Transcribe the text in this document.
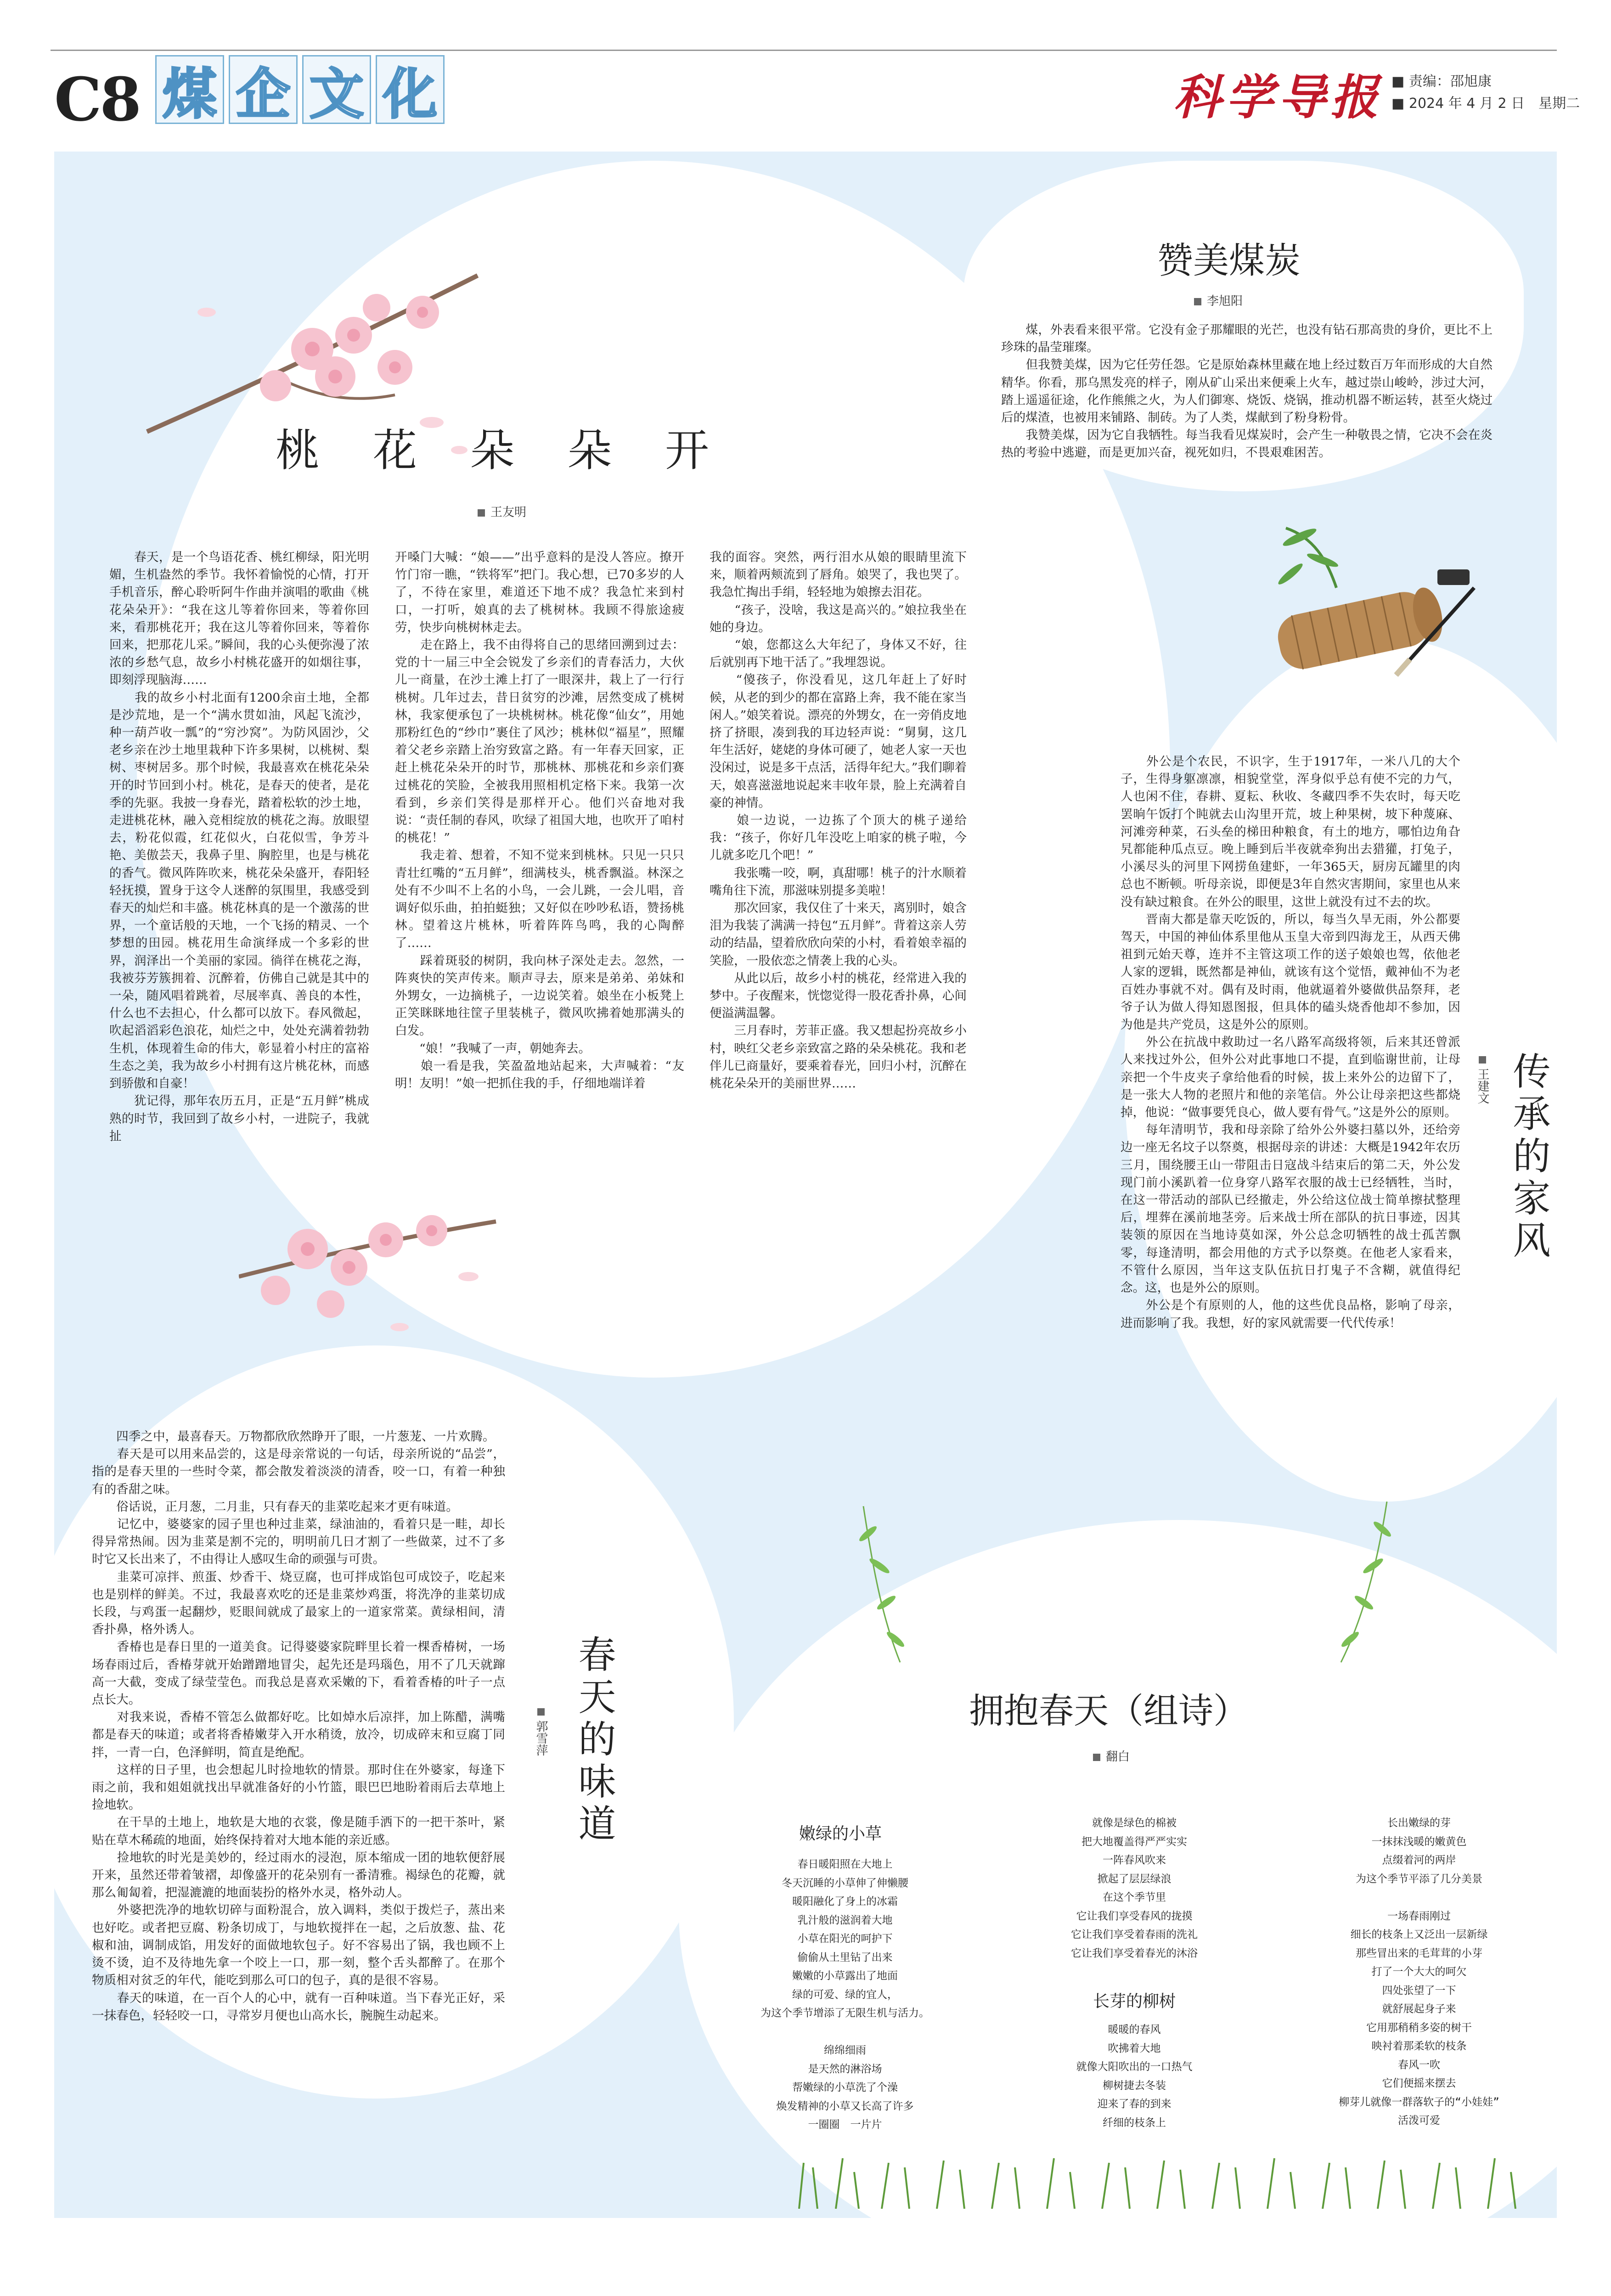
C8 煤 企 文 化	科学导报 ■ 责编：邵旭康
■ 2024 年 4 月 2 日　星期二
桃　花　朵　朵　开
王友明
　　春天，是一个鸟语花香、桃红柳绿，阳光明媚，生机盎然的季节。我怀着愉悦的心情，打开手机音乐，醉心聆听阿牛作曲并演唱的歌曲《桃花朵朵开》：“我在这儿等着你回来，等着你回来，看那桃花开；我在这儿等着你回来，等着你回来，把那花儿采。”瞬间，我的心头便弥漫了浓浓的乡愁气息，故乡小村桃花盛开的如烟往事，即刻浮现脑海……
　　我的故乡小村北面有1200余亩土地，全都是沙荒地，是一个“满水贯如油，风起飞流沙，种一葫芦收一瓢”的“穷沙窝”。为防风固沙，父老乡亲在沙土地里栽种下许多果树，以桃树、梨树、枣树居多。那个时候，我最喜欢在桃花朵朵开的时节回到小村。桃花，是春天的使者，是花季的先驱。我披一身春光，踏着松软的沙土地，走进桃花林，融入竞相绽放的桃花之海。放眼望去，粉花似霞，红花似火，白花似雪，争芳斗艳、美傲芸天，我鼻子里、胸腔里，也是与桃花的香气。微风阵阵吹来，桃花朵朵盛开，春阳轻轻抚摸，置身于这令人迷醉的氛围里，我感受到春天的灿烂和丰盛。桃花林真的是一个激荡的世界，一个童话般的天地，一个飞扬的精灵、一个梦想的田园。桃花用生命演绎成一个多彩的世界，润泽出一个美丽的家园。徜徉在桃花之海，我被芬芳簇拥着、沉醉着，仿佛自己就是其中的一朵，随风唱着跳着，尽展率真、善良的本性，什么也不去担心，什么都可以放下。春风微起，吹起滔滔彩色浪花，灿烂之中，处处充满着勃勃生机，体现着生命的伟大，彰显着小村庄的富裕生态之美，我为故乡小村拥有这片桃花林，而感到骄傲和自豪！
　　犹记得，那年农历五月，正是“五月鲜”桃成熟的时节，我回到了故乡小村，一进院子，我就扯
开嗓门大喊：“娘——”出乎意料的是没人答应。撩开竹门帘一瞧，“铁将军”把门。我心想，已70多岁的人了，不待在家里，难道还下地不成？我急忙来到村口，一打听，娘真的去了桃树林。我顾不得旅途疲劳，快步向桃树林走去。
　　走在路上，我不由得将自己的思绪回溯到过去：党的十一届三中全会锐发了乡亲们的青春活力，大伙儿一商量，在沙土滩上打了一眼深井，栽上了一行行桃树。几年过去，昔日贫穷的沙滩，居然变成了桃树林，我家便承包了一块桃树林。桃花像“仙女”，用她那粉红色的“纱巾”裹住了风沙；桃林似“福星”，照耀着父老乡亲踏上治穷致富之路。有一年春天回家，正赶上桃花朵朵开的时节，那桃林、那桃花和乡亲们赛过桃花的笑脸，全被我用照相机定格下来。我第一次看到，乡亲们笑得是那样开心。他们兴奋地对我说：“责任制的春风，吹绿了祖国大地，也吹开了咱村的桃花！”
　　我走着、想着，不知不觉来到桃林。只见一只只青壮红嘴的“五月鲜”，细满枝头，桃香飘溢。林深之处有不少叫不上名的小鸟，一会儿跳，一会儿唱，音调好似乐曲，拍拍蜓独；又好似在吵吵私语，赞扬桃林。望着这片桃林，听着阵阵鸟鸣，我的心陶醉了……
　　踩着斑驳的树阴，我向林子深处走去。忽然，一阵爽快的笑声传来。顺声寻去，原来是弟弟、弟妹和外甥女，一边摘桃子，一边说笑着。娘坐在小板凳上正笑眯眯地往筐子里装桃子，微风吹拂着她那满头的白发。
　　“娘！”我喊了一声，朝她奔去。
　　娘一看是我，笑盈盈地站起来，大声喊着：“友明！友明！”娘一把抓住我的手，仔细地端详着
我的面容。突然，两行泪水从娘的眼睛里流下来，顺着两颊流到了唇角。娘哭了，我也哭了。我急忙掏出手绢，轻轻地为娘擦去泪花。
　　“孩子，没啥，我这是高兴的。”娘拉我坐在她的身边。
　　“娘，您都这么大年纪了，身体又不好，往后就别再下地干活了。”我埋怨说。
　　“傻孩子，你没看见，这几年赶上了好时候，从老的到少的都在富路上奔，我不能在家当闲人。”娘笑着说。漂亮的外甥女，在一旁俏皮地挤了挤眼，凑到我的耳边轻声说：“舅舅，这几年生活好，姥姥的身体可硬了，她老人家一天也没闲过，说是多干点活，活得年纪大。”我们聊着天，娘喜滋滋地说起来丰收年景，脸上充满着自豪的神情。
　　娘一边说，一边拣了个顶大的桃子递给我：“孩子，你好几年没吃上咱家的桃子啦，今儿就多吃几个吧！”
　　我张嘴一咬，啊，真甜哪！桃子的汁水顺着嘴角往下流，那滋味别提多美啦！
　　那次回家，我仅住了十来天，离别时，娘含泪为我装了满满一持包“五月鲜”。背着这亲人劳动的结晶，望着欣欣向荣的小村，看着娘幸福的笑脸，一股依恋之情袭上我的心头。
　　从此以后，故乡小村的桃花，经常进入我的梦中。子夜醒来，恍惚觉得一股花香扑鼻，心间便溢满温馨。
　　三月春时，芳菲正盛。我又想起扮亮故乡小村，映红父老乡亲致富之路的朵朵桃花。我和老伴儿已商量好，要乘着春光，回归小村，沉醉在桃花朵朵开的美丽世界……
赞美煤炭
李旭阳
　　煤，外表看来很平常。它没有金子那耀眼的光芒，也没有钻石那高贵的身价，更比不上珍珠的晶莹璀璨。
　　但我赞美煤，因为它任劳任怨。它是原始森林里藏在地上经过数百万年而形成的大自然精华。你看，那乌黑发亮的样子，刚从矿山采出来便乘上火车，越过崇山峻岭，涉过大河，踏上遥遥征途，化作熊熊之火，为人们御寒、烧饭、烧锅，推动机器不断运转，甚至火烧过后的煤渣，也被用来铺路、制砖。为了人类，煤献到了粉身粉骨。
　　我赞美煤，因为它自我牺牲。每当我看见煤炭时，会产生一种敬畏之情，它决不会在炎热的考验中逃避，而是更加兴奋，视死如归，不畏艰难困苦。
传承的家风
王建文
　　外公是个农民，不识字，生于1917年，一米八几的大个子，生得身躯凛凛，相貌堂堂，浑身似乎总有使不完的力气，人也闲不住，春耕、夏耘、秋收、冬藏四季不失农时，每天吃罢晌午饭打个盹就去山沟里开荒，坡上种果树，坡下种蔑麻、河滩旁种菜，石头垒的梯田种粮食，有土的地方，哪怕边角旮旯都能种瓜点豆。晚上睡到后半夜就牵狗出去猎獾，打兔子，小溪尽头的河里下网捞鱼建虾，一年365天，厨房瓦罐里的肉总也不断顿。听母亲说，即便是3年自然灾害期间，家里也从来没有缺过粮食。在外公的眼里，这世上就没有过不去的坎。
　　晋南大都是靠天吃饭的，所以，每当久旱无雨，外公都要驾天，中国的神仙体系里他从玉皇大帝到四海龙王，从西天佛祖到元始天尊，连并不主管这项工作的送子娘娘也驾，依他老人家的逻辑，既然都是神仙，就该有这个觉悟，戴神仙不为老百姓办事就不对。偶有及时雨，他就逼着外婆做供品祭拜，老爷子认为做人得知恩图报，但具体的磕头烧香他却不参加，因为他是共产党员，这是外公的原则。
　　外公在抗战中救助过一名八路军高级将领，后来其还曾派人来找过外公，但外公对此事地口不提，直到临谢世前，让母亲把一个牛皮夹子拿给他看的时候，拔上来外公的边留下了，是一张大人物的老照片和他的亲笔信。外公让母亲把这些都烧掉，他说：“做事要凭良心，做人要有骨气。”这是外公的原则。
　　每年清明节，我和母亲除了给外公外婆扫墓以外，还给旁边一座无名坟子以祭奠，根据母亲的讲述：大概是1942年农历三月，围绕腰王山一带阻击日寇战斗结束后的第二天，外公发现门前小溪趴着一位身穿八路军衣服的战士已经牺牲，当时，在这一带活动的部队已经撤走，外公给这位战士简单擦拭整理后，埋葬在溪前地茎旁。后来战士所在部队的抗日事迹，因其装领的原因在当地诗莫如深，外公总念叨牺牲的战士孤苦飘零，每逢清明，都会用他的方式予以祭奠。在他老人家看来，不管什么原因，当年这支队伍抗日打鬼子不含糊，就值得纪念。这，也是外公的原则。
　　外公是个有原则的人，他的这些优良品格，影响了母亲，进而影响了我。我想，好的家风就需要一代代传承！
春天的味道
郭雪萍
　　四季之中，最喜春天。万物都欣欣然睁开了眼，一片葱茏、一片欢腾。
　　春天是可以用来品尝的，这是母亲常说的一句话，母亲所说的“品尝”，指的是春天里的一些时令菜，都会散发着淡淡的清香，咬一口，有着一种独有的香甜之味。
　　俗话说，正月葱，二月韭，只有春天的韭菜吃起来才更有味道。
　　记忆中，婆婆家的园子里也种过韭菜，绿油油的，看着只是一畦，却长得异常热闹。因为韭菜是割不完的，明明前几日才割了一些做菜，过不了多时它又长出来了，不由得让人感叹生命的顽强与可贵。
　　韭菜可凉拌、煎蛋、炒香干、烧豆腐，也可拌成馅包可成饺子，吃起来也是别样的鲜美。不过，我最喜欢吃的还是韭菜炒鸡蛋，将洗净的韭菜切成长段，与鸡蛋一起翻炒，贬眼间就成了最家上的一道家常菜。黄绿相间，清香扑鼻，格外诱人。
　　香椿也是春日里的一道美食。记得婆婆家院畔里长着一棵香椿树，一场场春雨过后，香椿芽就开始蹭蹭地冒尖，起先还是玛瑙色，用不了几天就蹿高一大截，变成了绿莹莹色。而我总是喜欢采嫩的下，看着香椿的叶子一点点长大。
　　对我来说，香椿不管怎么做都好吃。比如焯水后凉拌，加上陈醋，满嘴都是春天的味道；或者将香椿嫩芽入开水稍烫，放冷，切成碎末和豆腐丁同拌，一青一白，色泽鲜明，简直是绝配。
　　这样的日子里，也会想起儿时捡地软的情景。那时住在外婆家，每逢下雨之前，我和姐姐就找出早就准备好的小竹篮，眼巴巴地盼着雨后去草地上捡地软。
　　在干旱的土地上，地软是大地的衣裳，像是随手洒下的一把干茶叶，紧贴在草木稀疏的地面，始终保持着对大地本能的亲近感。
　　捡地软的时光是美妙的，经过雨水的浸泡，原本缩成一团的地软便舒展开来，虽然还带着皱褶，却像盛开的花朵别有一番清雅。褐绿色的花瓣，就那么匍匐着，把湿漉漉的地面装扮的格外水灵，格外动人。
　　外婆把洗净的地软切碎与面粉混合，放入调料，类似于拨烂子，蒸出来也好吃。或者把豆腐、粉条切成丁，与地软搅拌在一起，之后放葱、盐、花椒和油，调制成馅，用发好的面做地软包子。好不容易出了锅，我也顾不上烫不烫，迫不及待地先拿一个咬上一口，那一刻，整个舌头都醉了。在那个物质相对贫乏的年代，能吃到那么可口的包子，真的是很不容易。
　　春天的味道，在一百个人的心中，就有一百种味道。当下春光正好，采一抹春色，轻轻咬一口，寻常岁月便也山高水长，腕腕生动起来。
拥抱春天（组诗）
翻白
嫩绿的小草
春日暖阳照在大地上
冬天沉睡的小草伸了伸懒腰
暖阳融化了身上的冰霜
乳汁般的滋润着大地
小草在阳光的呵护下
偷偷从土里钻了出来
嫩嫩的小草露出了地面
绿的可爱、绿的宜人，
为这个季节增添了无限生机与活力。

绵绵细雨
是天然的淋浴场
帮嫩绿的小草洗了个澡
焕发精神的小草又长高了许多
一圈圈　一片片
就像是绿色的棉被
把大地覆盖得严严实实
一阵春风吹来
掀起了层层绿浪
在这个季节里
它让我们享受春风的拢摸
它让我们享受着春雨的洗礼
它让我们享受着春光的沐浴
长芽的柳树
暖暖的春风
吹拂着大地
就像大阳吹出的一口热气
柳树捷去冬装
迎来了春的到来
纤细的枝条上
长出嫩绿的芽
一抹抹浅暖的嫩黄色
点缀着河的两岸
为这个季节平添了几分美景

一场春雨刚过
细长的枝条上又泛出一层新绿
那些冒出来的毛茸茸的小芽
打了一个大大的呵欠
四处张望了一下
就舒展起身子来
它用那稍稍多姿的树干
映衬着那柔软的枝条
春风一吹
它们便摇来摆去
柳芽儿就像一群落软子的“小娃娃”
活泼可爱
